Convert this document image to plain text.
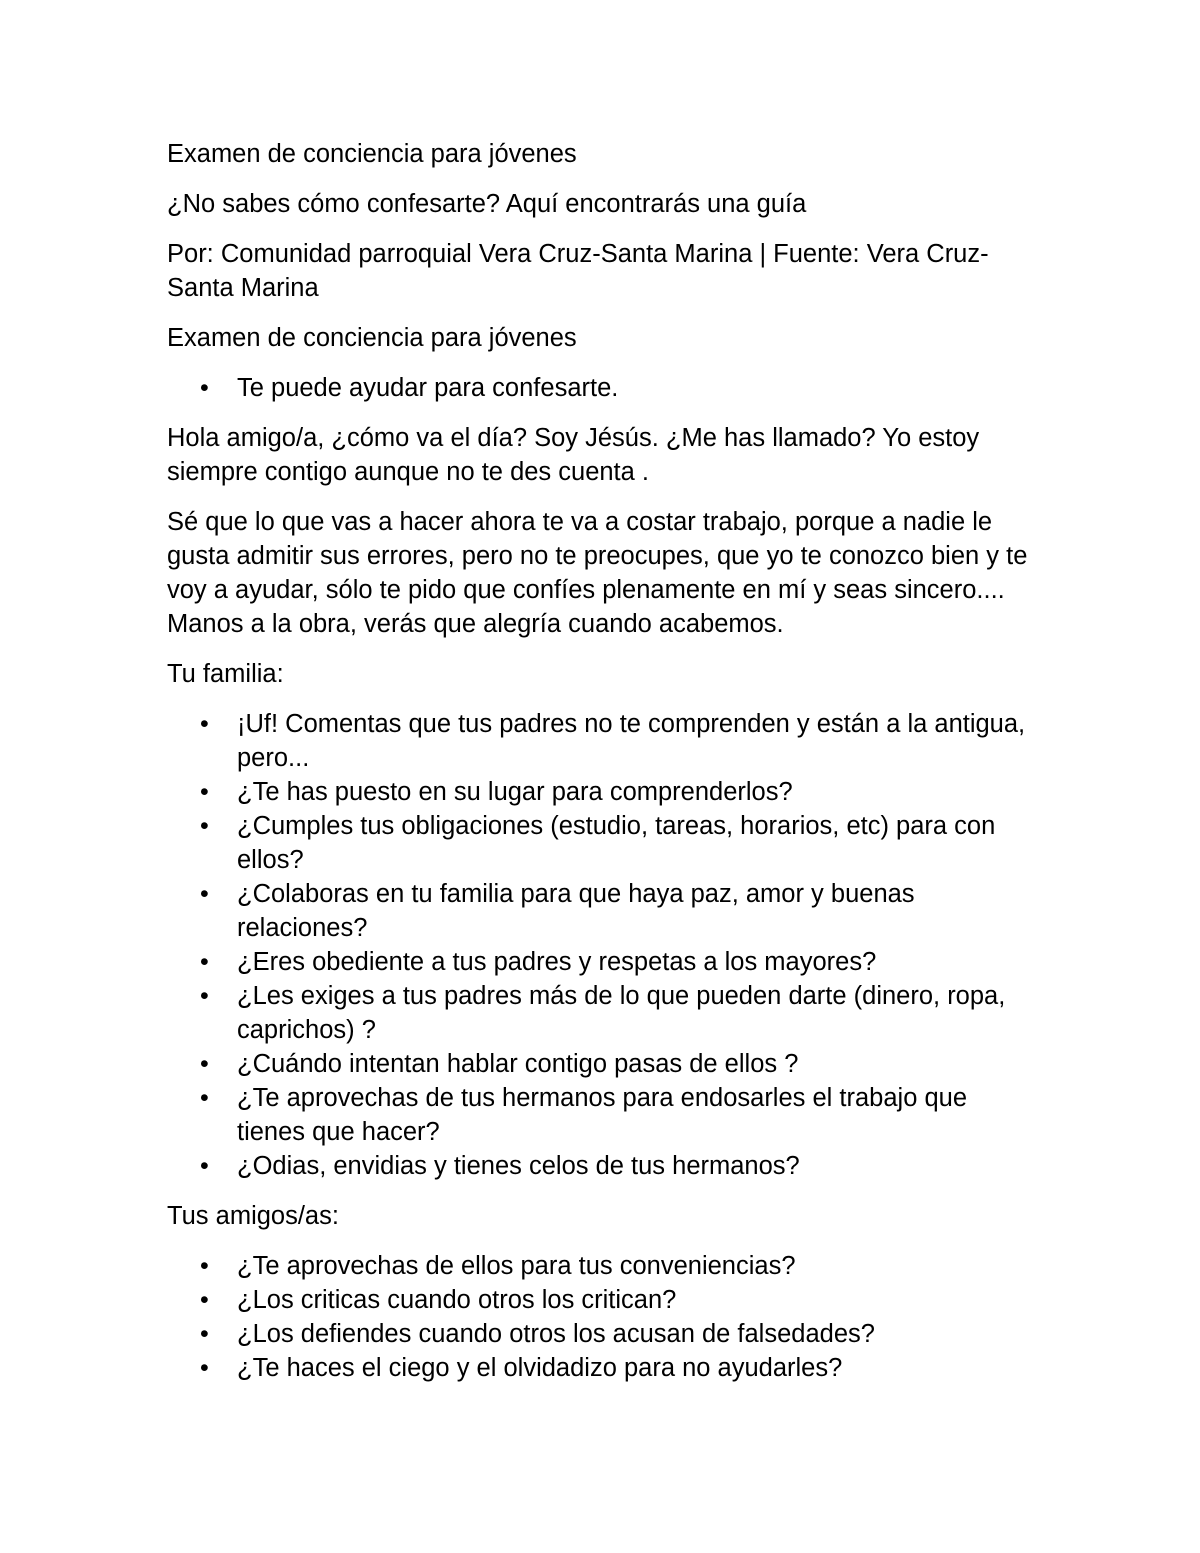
Examen de conciencia para jóvenes

¿No sabes cómo confesarte? Aquí encontrarás una guía

Por: Comunidad parroquial Vera Cruz-Santa Marina | Fuente: Vera Cruz-Santa Marina

Examen de conciencia para jóvenes

• Te puede ayudar para confesarte.

Hola amigo/a, ¿cómo va el día? Soy Jésús. ¿Me has llamado? Yo estoy siempre contigo aunque no te des cuenta .

Sé que lo que vas a hacer ahora te va a costar trabajo, porque a nadie le gusta admitir sus errores, pero no te preocupes, que yo te conozco bien y te voy a ayudar, sólo te pido que confíes plenamente en mí y seas sincero.... Manos a la obra, verás que alegría cuando acabemos.

Tu familia:

• ¡Uf! Comentas que tus padres no te comprenden y están a la antigua, pero...
• ¿Te has puesto en su lugar para comprenderlos?
• ¿Cumples tus obligaciones (estudio, tareas, horarios, etc) para con ellos?
• ¿Colaboras en tu familia para que haya paz, amor y buenas relaciones?
• ¿Eres obediente a tus padres y respetas a los mayores?
• ¿Les exiges a tus padres más de lo que pueden darte (dinero, ropa, caprichos) ?
• ¿Cuándo intentan hablar contigo pasas de ellos ?
• ¿Te aprovechas de tus hermanos para endosarles el trabajo que tienes que hacer?
• ¿Odias, envidias y tienes celos de tus hermanos?

Tus amigos/as:

• ¿Te aprovechas de ellos para tus conveniencias?
• ¿Los criticas cuando otros los critican?
• ¿Los defiendes cuando otros los acusan de falsedades?
• ¿Te haces el ciego y el olvidadizo para no ayudarles?
